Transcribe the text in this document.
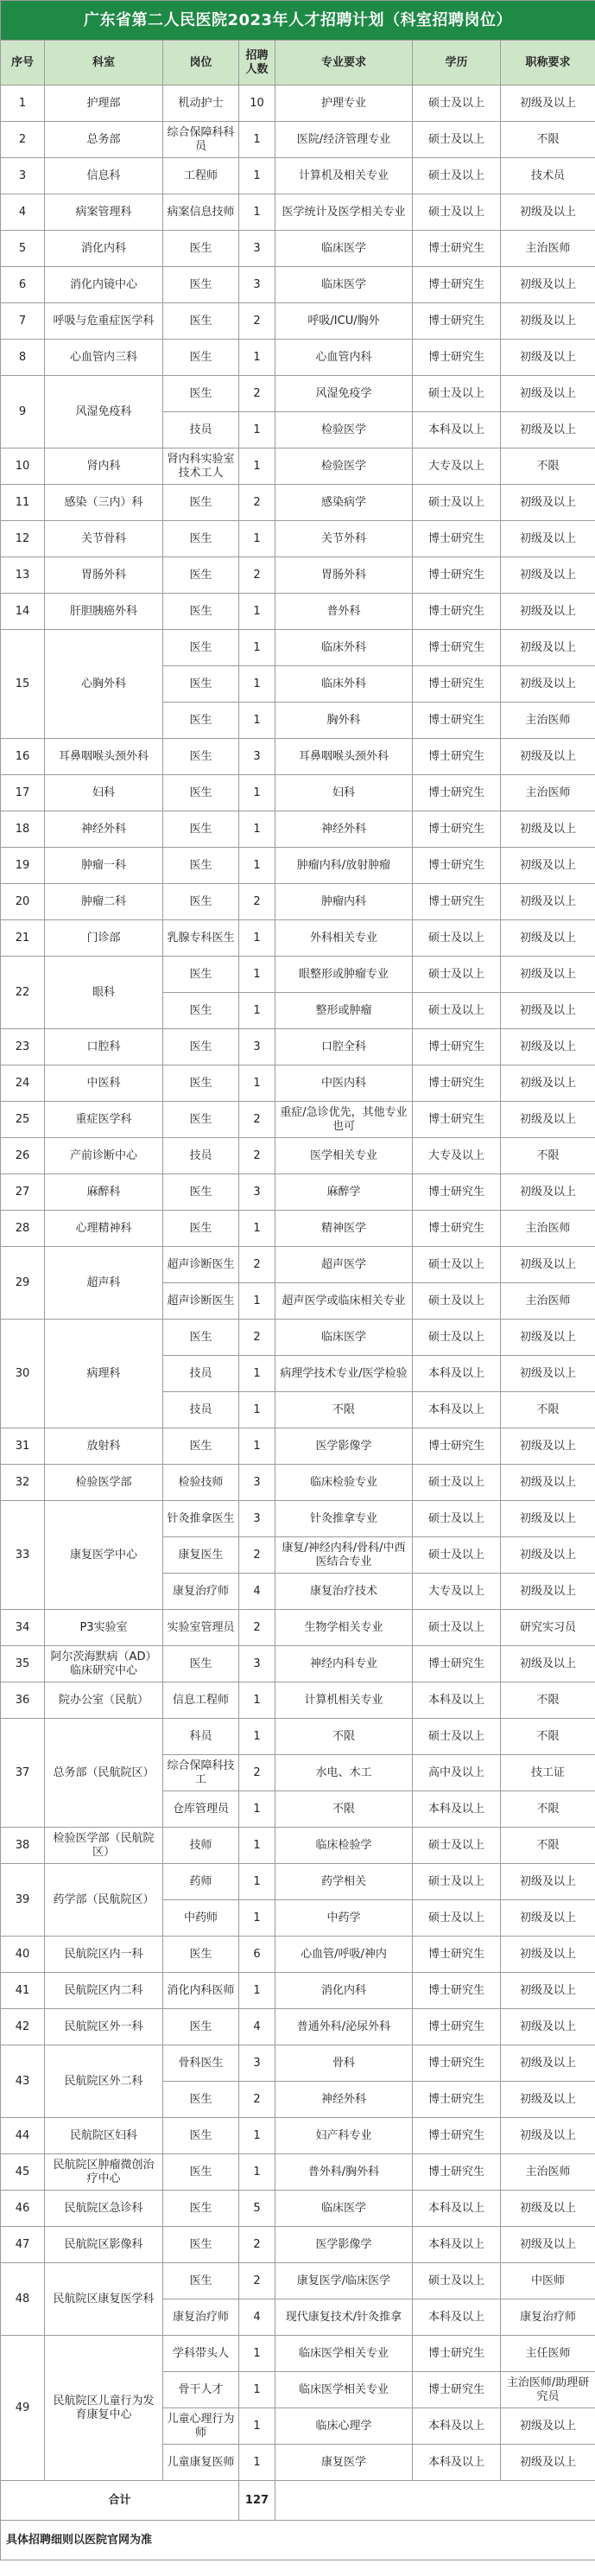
广东省第二人民医院2023年人才招聘计划（科室招聘岗位）						
序号	科室	岗位	招聘人数	专业要求	学历	职称要求
1	护理部	机动护士	10	护理专业	硕士及以上	初级及以上
2	总务部	综合保障科科员	1	医院/经济管理专业	硕士及以上	不限
3	信息科	工程师	1	计算机及相关专业	硕士及以上	技术员
4	病案管理科	病案信息技师	1	医学统计及医学相关专业	硕士及以上	初级及以上
5	消化内科	医生	3	临床医学	博士研究生	主治医师
6	消化内镜中心	医生	3	临床医学	博士研究生	初级及以上
7	呼吸与危重症医学科	医生	2	呼吸/ICU/胸外	博士研究生	初级及以上
8	心血管内三科	医生	1	心血管内科	博士研究生	初级及以上
9	风湿免疫科	医生	2	风湿免疫学	硕士及以上	初级及以上
		技员	1	检验医学	本科及以上	初级及以上
10	肾内科	肾内科实验室技术工人	1	检验医学	大专及以上	不限
11	感染（三内）科	医生	2	感染病学	硕士及以上	初级及以上
12	关节骨科	医生	1	关节外科	博士研究生	初级及以上
13	胃肠外科	医生	2	胃肠外科	博士研究生	初级及以上
14	肝胆胰癌外科	医生	1	普外科	博士研究生	初级及以上
15	心胸外科	医生	1	临床外科	博士研究生	初级及以上
		医生	1	临床外科	博士研究生	初级及以上
		医生	1	胸外科	博士研究生	主治医师
16	耳鼻咽喉头颈外科	医生	3	耳鼻咽喉头颈外科	博士研究生	初级及以上
17	妇科	医生	1	妇科	博士研究生	主治医师
18	神经外科	医生	1	神经外科	博士研究生	初级及以上
19	肿瘤一科	医生	1	肿瘤内科/放射肿瘤	博士研究生	初级及以上
20	肿瘤二科	医生	2	肿瘤内科	博士研究生	初级及以上
21	门诊部	乳腺专科医生	1	外科相关专业	硕士及以上	初级及以上
22	眼科	医生	1	眼整形或肿瘤专业	硕士及以上	初级及以上
		医生	1	整形或肿瘤	硕士及以上	初级及以上
23	口腔科	医生	3	口腔全科	博士研究生	初级及以上
24	中医科	医生	1	中医内科	博士研究生	初级及以上
25	重症医学科	医生	2	重症/急诊优先，其他专业也可	博士研究生	初级及以上
26	产前诊断中心	技员	2	医学相关专业	大专及以上	不限
27	麻醉科	医生	3	麻醉学	博士研究生	初级及以上
28	心理精神科	医生	1	精神医学	博士研究生	主治医师
29	超声科	超声诊断医生	2	超声医学	硕士及以上	初级及以上
		超声诊断医生	1	超声医学或临床相关专业	硕士及以上	主治医师
30	病理科	医生	2	临床医学	硕士及以上	初级及以上
		技员	1	病理学技术专业/医学检验	本科及以上	初级及以上
		技员	1	不限	本科及以上	不限
31	放射科	医生	1	医学影像学	博士研究生	初级及以上
32	检验医学部	检验技师	3	临床检验专业	硕士及以上	初级及以上
33	康复医学中心	针灸推拿医生	3	针灸推拿专业	硕士及以上	初级及以上
		康复医生	2	康复/神经内科/骨科/中西医结合专业	硕士及以上	初级及以上
		康复治疗师	4	康复治疗技术	大专及以上	初级及以上
34	P3实验室	实验室管理员	2	生物学相关专业	硕士及以上	研究实习员
35	阿尔茨海默病（AD）临床研究中心	医生	3	神经内科专业	博士研究生	初级及以上
36	院办公室（民航）	信息工程师	1	计算机相关专业	本科及以上	不限
37	总务部（民航院区）	科员	1	不限	硕士及以上	不限
		综合保障科技工	2	水电、木工	高中及以上	技工证
		仓库管理员	1	不限	本科及以上	不限
38	检验医学部（民航院区）	技师	1	临床检验学	硕士及以上	不限
39	药学部（民航院区）	药师	1	药学相关	硕士及以上	初级及以上
		中药师	1	中药学	硕士及以上	初级及以上
40	民航院区内一科	医生	6	心血管/呼吸/神内	博士研究生	初级及以上
41	民航院区内二科	消化内科医师	1	消化内科	博士研究生	初级及以上
42	民航院区外一科	医生	4	普通外科/泌尿外科	博士研究生	初级及以上
43	民航院区外二科	骨科医生	3	骨科	博士研究生	初级及以上
		医生	2	神经外科	博士研究生	初级及以上
44	民航院区妇科	医生	1	妇产科专业	博士研究生	初级及以上
45	民航院区肿瘤微创治疗中心	医生	1	普外科/胸外科	博士研究生	主治医师
46	民航院区急诊科	医生	5	临床医学	本科及以上	初级及以上
47	民航院区影像科	医生	2	医学影像学	本科及以上	初级及以上
48	民航院区康复医学科	医生	2	康复医学/临床医学	硕士及以上	中医师
		康复治疗师	4	现代康复技术/针灸推拿	本科及以上	康复治疗师
49	民航院区儿童行为发育康复中心	学科带头人	1	临床医学相关专业	博士研究生	主任医师
		骨干人才	1	临床医学相关专业	博士研究生	主治医师/助理研究员
		儿童心理行为师	1	临床心理学	本科及以上	初级及以上
		儿童康复医师	1	康复医学	本科及以上	初级及以上
合计			127			
具体招聘细则以医院官网为准						
